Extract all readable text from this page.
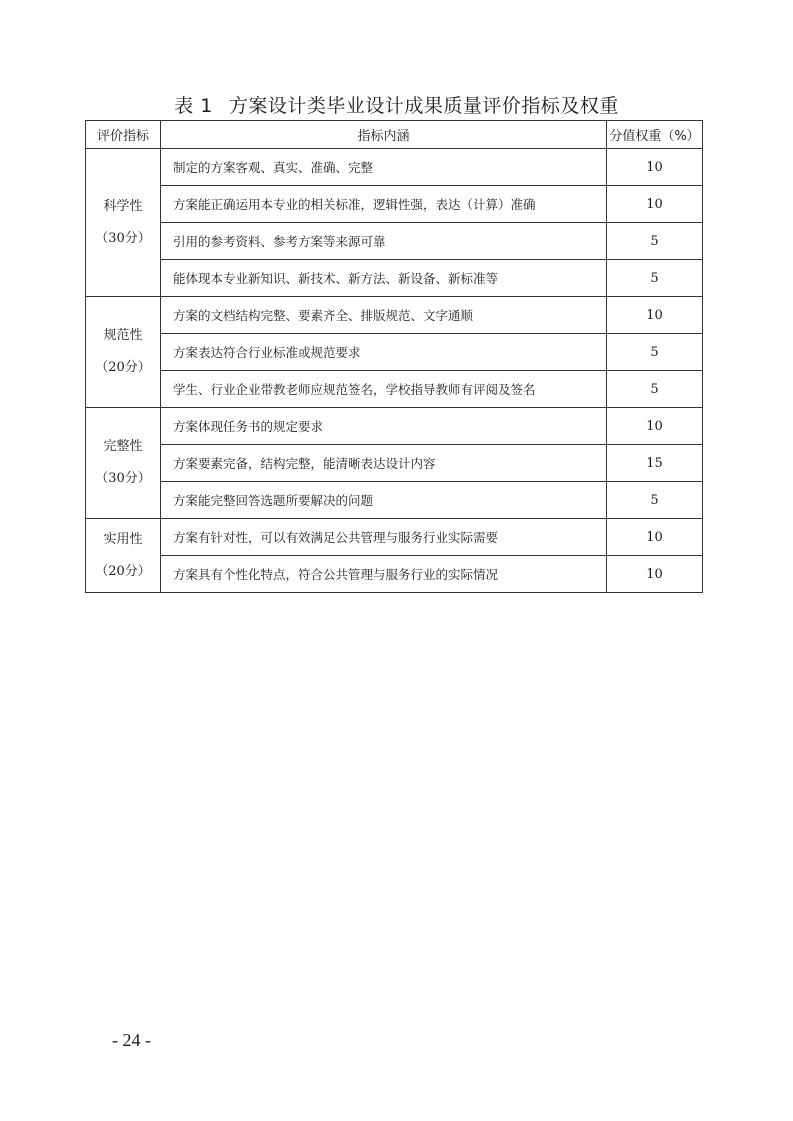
表 1 方案设计类毕业设计成果质量评价指标及权重
评价指标	指标内涵	分值权重（%）

科学性
（30分）	制定的方案客观、真实、准确、完整	10
	方案能正确运用本专业的相关标准，逻辑性强，表达（计算）准确	10
	引用的参考资料、参考方案等来源可靠	5
	能体现本专业新知识、新技术、新方法、新设备、新标准等	5

规范性
（20分）	方案的文档结构完整、要素齐全、排版规范、文字通顺	10
	方案表达符合行业标准或规范要求	5
	学生、行业企业带教老师应规范签名，学校指导教师有评阅及签名	5

完整性
（30分）	方案体现任务书的规定要求	10
	方案要素完备，结构完整，能清晰表达设计内容	15
	方案能完整回答选题所要解决的问题	5

实用性
（20分）	方案有针对性，可以有效满足公共管理与服务行业实际需要	10
	方案具有个性化特点，符合公共管理与服务行业的实际情况	10
- 24 -
